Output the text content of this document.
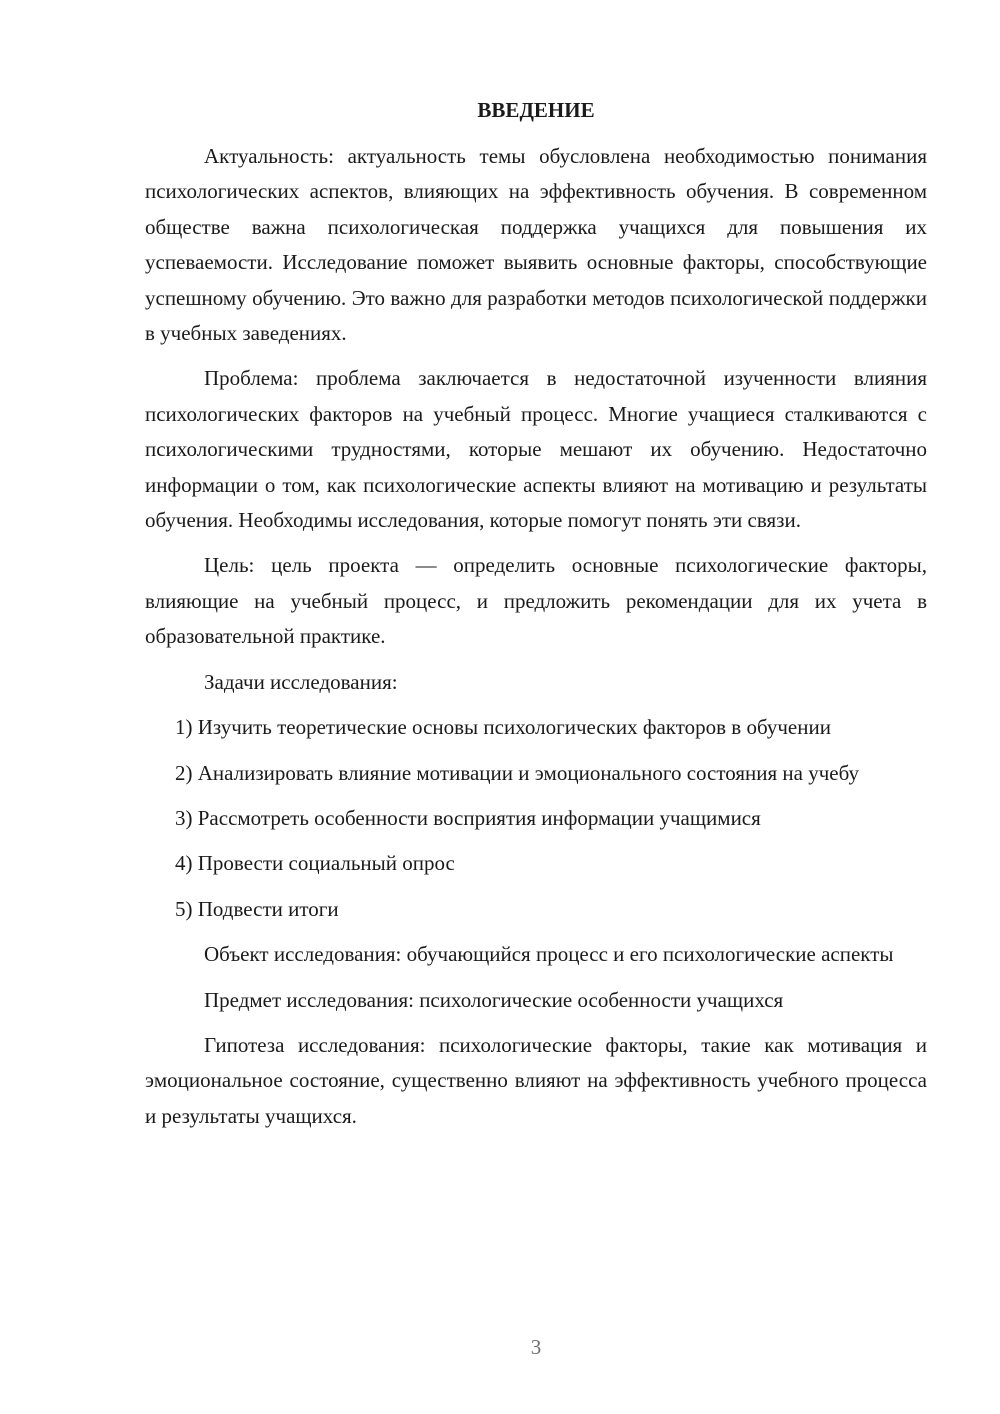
ВВЕДЕНИЕ

Актуальность: актуальность темы обусловлена необходимостью понимания психологических аспектов, влияющих на эффективность обучения. В современном обществе важна психологическая поддержка учащихся для повышения их успеваемости. Исследование поможет выявить основные факторы, способствующие успешному обучению. Это важно для разработки методов психологической поддержки в учебных заведениях.

Проблема: проблема заключается в недостаточной изученности влияния психологических факторов на учебный процесс. Многие учащиеся сталкиваются с психологическими трудностями, которые мешают их обучению. Недостаточно информации о том, как психологические аспекты влияют на мотивацию и результаты обучения. Необходимы исследования, которые помогут понять эти связи.

Цель: цель проекта — определить основные психологические факторы, влияющие на учебный процесс, и предложить рекомендации для их учета в образовательной практике.

Задачи исследования:

1) Изучить теоретические основы психологических факторов в обучении

2) Анализировать влияние мотивации и эмоционального состояния на учебу

3) Рассмотреть особенности восприятия информации учащимися

4) Провести социальный опрос

5) Подвести итоги

Объект исследования: обучающийся процесс и его психологические аспекты

Предмет исследования: психологические особенности учащихся

Гипотеза исследования: психологические факторы, такие как мотивация и эмоциональное состояние, существенно влияют на эффективность учебного процесса и результаты учащихся.

3
